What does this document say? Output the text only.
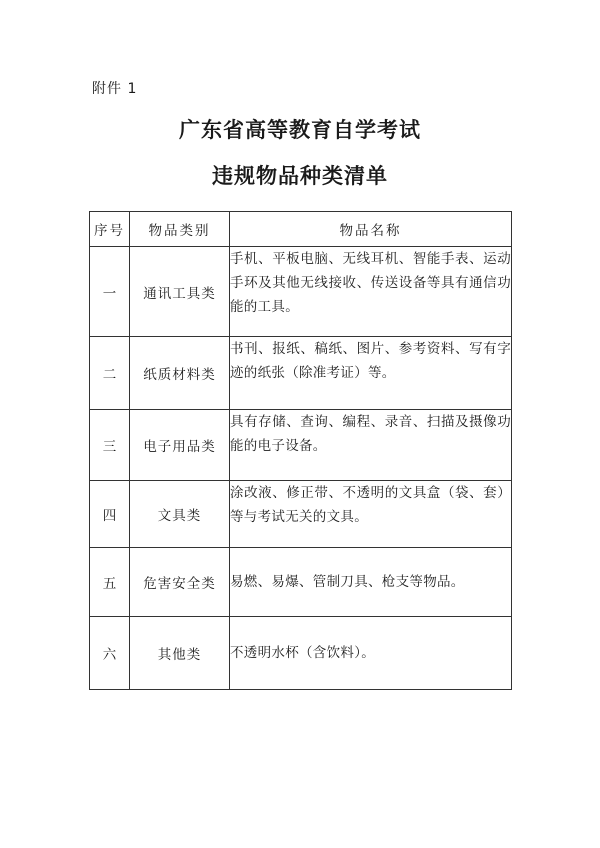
附件 1
广东省高等教育自学考试
违规物品种类清单
序号	物品类别	物品名称
一	通讯工具类	手机、平板电脑、无线耳机、智能手表、运动手环及其他无线接收、传送设备等具有通信功能的工具。
二	纸质材料类	书刊、报纸、稿纸、图片、参考资料、写有字迹的纸张（除准考证）等。
三	电子用品类	具有存储、查询、编程、录音、扫描及摄像功能的电子设备。
四	文具类	涂改液、修正带、不透明的文具盒（袋、套）等与考试无关的文具。
五	危害安全类	易燃、易爆、管制刀具、枪支等物品。
六	其他类	不透明水杯（含饮料）。
